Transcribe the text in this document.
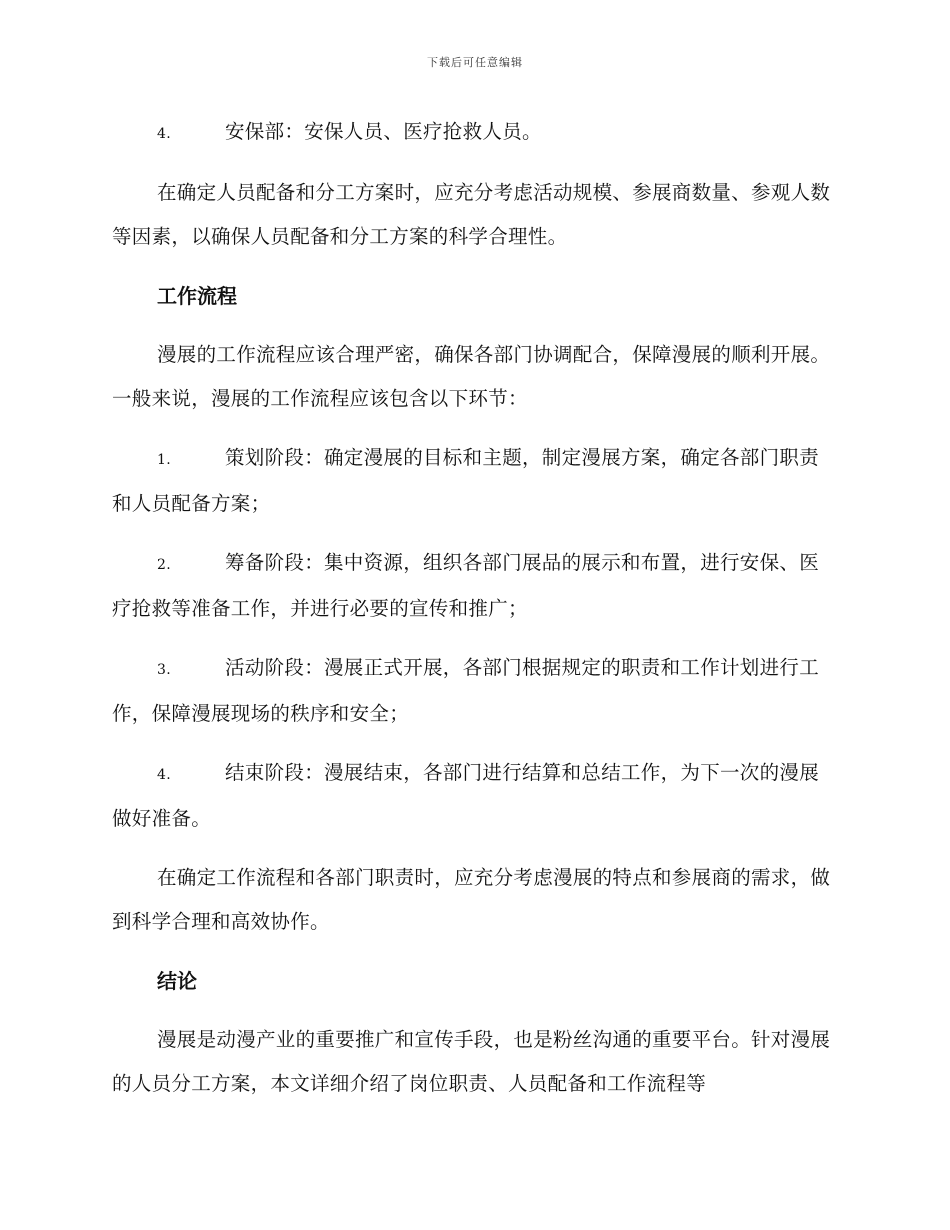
下载后可任意编辑
4.	安保部：安保人员、医疗抢救人员。

在确定人员配备和分工方案时，应充分考虑活动规模、参展商数量、参观人数等因素，以确保人员配备和分工方案的科学合理性。

工作流程

漫展的工作流程应该合理严密，确保各部门协调配合，保障漫展的顺利开展。一般来说，漫展的工作流程应该包含以下环节：

1.	策划阶段：确定漫展的目标和主题，制定漫展方案，确定各部门职责和人员配备方案；
2.	筹备阶段：集中资源，组织各部门展品的展示和布置，进行安保、医疗抢救等准备工作，并进行必要的宣传和推广；
3.	活动阶段：漫展正式开展，各部门根据规定的职责和工作计划进行工作，保障漫展现场的秩序和安全；
4.	结束阶段：漫展结束，各部门进行结算和总结工作，为下一次的漫展做好准备。

在确定工作流程和各部门职责时，应充分考虑漫展的特点和参展商的需求，做到科学合理和高效协作。

结论

漫展是动漫产业的重要推广和宣传手段，也是粉丝沟通的重要平台。针对漫展的人员分工方案，本文详细介绍了岗位职责、人员配备和工作流程等
